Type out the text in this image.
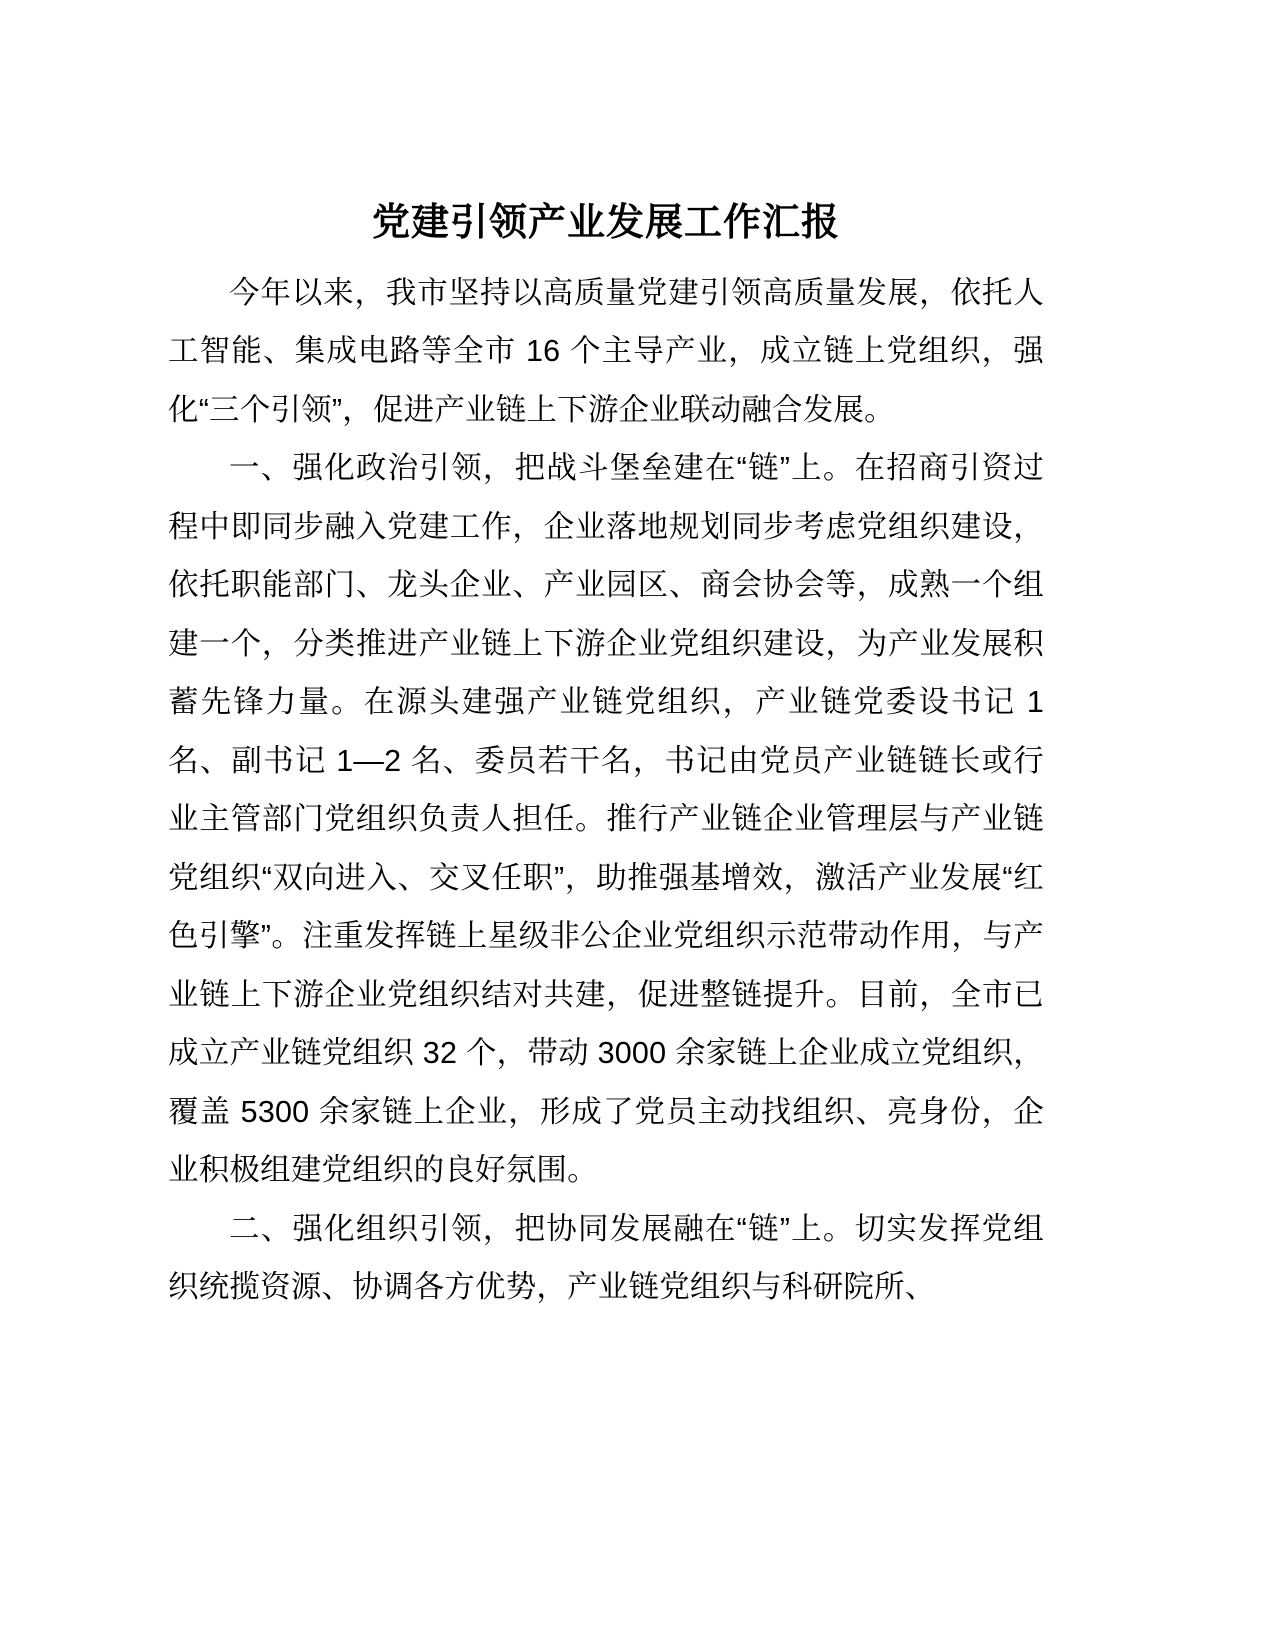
党建引领产业发展工作汇报

今年以来，我市坚持以高质量党建引领高质量发展，依托人工智能、集成电路等全市 16 个主导产业，成立链上党组织，强化“三个引领”，促进产业链上下游企业联动融合发展。

一、强化政治引领，把战斗堡垒建在“链”上。在招商引资过程中即同步融入党建工作，企业落地规划同步考虑党组织建设，依托职能部门、龙头企业、产业园区、商会协会等，成熟一个组建一个，分类推进产业链上下游企业党组织建设，为产业发展积蓄先锋力量。在源头建强产业链党组织，产业链党委设书记 1 名、副书记 1—2 名、委员若干名，书记由党员产业链链长或行业主管部门党组织负责人担任。推行产业链企业管理层与产业链党组织“双向进入、交叉任职”，助推强基增效，激活产业发展“红色引擎”。注重发挥链上星级非公企业党组织示范带动作用，与产业链上下游企业党组织结对共建，促进整链提升。目前，全市已成立产业链党组织 32 个，带动 3000 余家链上企业成立党组织，覆盖 5300 余家链上企业，形成了党员主动找组织、亮身份，企业积极组建党组织的良好氛围。

二、强化组织引领，把协同发展融在“链”上。切实发挥党组织统揽资源、协调各方优势，产业链党组织与科研院所、
